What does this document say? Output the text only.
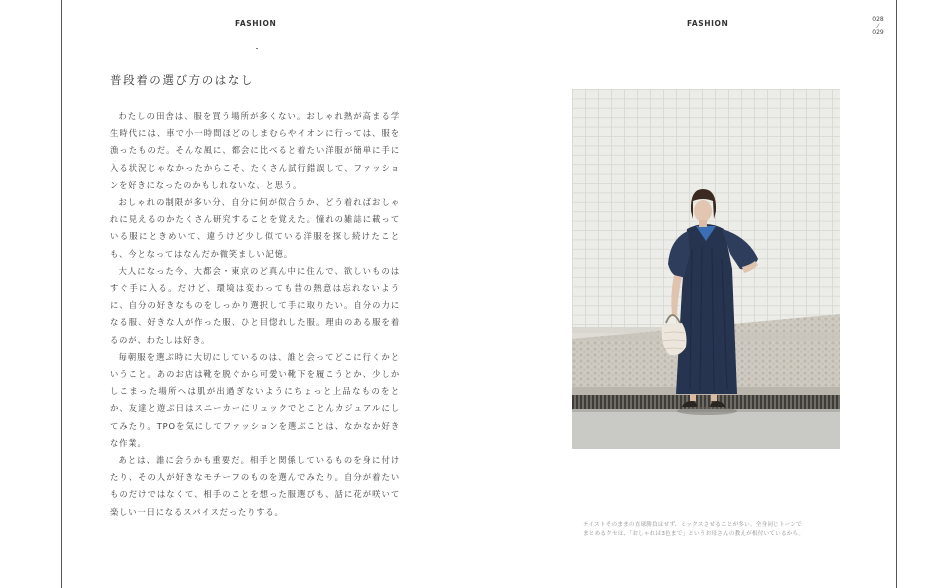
FASHION	FASHION	028
⁄
029
普段着の選び方のはなし

わたしの田舎は、服を買う場所が多くない。おしゃれ熱が高まる学生時代には、車で小一時間ほどのしまむらやイオンに行っては、服を漁ったものだ。そんな風に、都会に比べると着たい洋服が簡単に手に入る状況じゃなかったからこそ、たくさん試行錯誤して、ファッションを好きになったのかもしれないな、と思う。

おしゃれの制限が多い分、自分に何が似合うか、どう着ればおしゃれに見えるのかたくさん研究することを覚えた。憧れの雑誌に載っている服にときめいて、違うけど少し似ている洋服を探し続けたことも、今となってはなんだか微笑ましい記憶。

大人になった今、大都会・東京のど真ん中に住んで、欲しいものはすぐ手に入る。だけど、環境は変わっても昔の熱意は忘れないように、自分の好きなものをしっかり選択して手に取りたい。自分の力になる服、好きな人が作った服、ひと目惚れした服。理由のある服を着るのが、わたしは好き。

毎朝服を選ぶ時に大切にしているのは、誰と会ってどこに行くかということ。あのお店は靴を脱ぐから可愛い靴下を履こうとか、少しかしこまった場所へは肌が出過ぎないようにちょっと上品なものをとか、友達と遊ぶ日はスニーカーにリュックでとことんカジュアルにしてみたり。TPOを気にしてファッションを選ぶことは、なかなか好きな作業。

あとは、誰に会うかも重要だ。相手と関係しているものを身に付けたり、その人が好きなモチーフのものを選んでみたり。自分が着たいものだけではなくて、相手のことを想った服選びも、話に花が咲いて楽しい一日になるスパイスだったりする。

テイストそのままの直球勝負はせず、ミックスさせることが多い。全身同じトーンで
まとめるクセは、「おしゃれは3色まで」というお母さんの教えが根付いているから。
